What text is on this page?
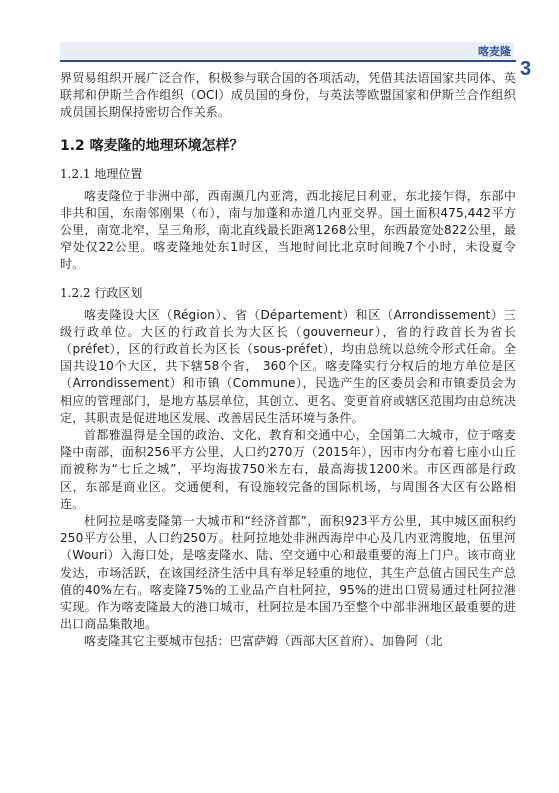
喀麦隆
3

界贸易组织开展广泛合作，积极参与联合国的各项活动，凭借其法语国家共同体、英联邦和伊斯兰合作组织（OCI）成员国的身份，与英法等欧盟国家和伊斯兰合作组织成员国长期保持密切合作关系。

1.2 喀麦隆的地理环境怎样？
1.2.1 地理位置

喀麦隆位于非洲中部，西南濒几内亚湾，西北接尼日利亚，东北接乍得，东部中非共和国，东南邻刚果（布），南与加蓬和赤道几内亚交界。国土面积475,442平方公里，南宽北窄，呈三角形，南北直线最长距离1268公里，东西最宽处822公里，最窄处仅22公里。喀麦隆地处东1时区，当地时间比北京时间晚7个小时，未设夏令时。

1.2.2 行政区划

喀麦隆设大区（Région）、省（Département）和区（Arrondissement）三级行政单位。大区的行政首长为大区长（gouverneur），省的行政首长为省长（préfet），区的行政首长为区长（sous-préfet），均由总统以总统令形式任命。全国共设10个大区，共下辖58个省， 360个区。喀麦隆实行分权后的地方单位是区（Arrondissement）和市镇（Commune），民选产生的区委员会和市镇委员会为相应的管理部门，是地方基层单位，其创立、更名、变更首府或辖区范围均由总统决定，其职责是促进地区发展、改善居民生活环境与条件。

首都雅温得是全国的政治、文化、教育和交通中心，全国第二大城市，位于喀麦隆中南部，面积256平方公里，人口约270万（2015年），因市内分布着七座小山丘而被称为“七丘之城”，平均海拔750米左右，最高海拔1200米。市区西部是行政区，东部是商业区。交通便利，有设施较完备的国际机场，与周围各大区有公路相连。

杜阿拉是喀麦隆第一大城市和“经济首都”，面积923平方公里，其中城区面积约250平方公里，人口约250万。杜阿拉地处非洲西海岸中心及几内亚湾腹地，伍里河（Wouri）入海口处，是喀麦隆水、陆、空交通中心和最重要的海上门户。该市商业发达，市场活跃，在该国经济生活中具有举足轻重的地位，其生产总值占国民生产总值的40%左右。喀麦隆75%的工业品产自杜阿拉，95%的进出口贸易通过杜阿拉港实现。作为喀麦隆最大的港口城市，杜阿拉是本国乃至整个中部非洲地区最重要的进出口商品集散地。

喀麦隆其它主要城市包括：巴富萨姆（西部大区首府）、加鲁阿（北
